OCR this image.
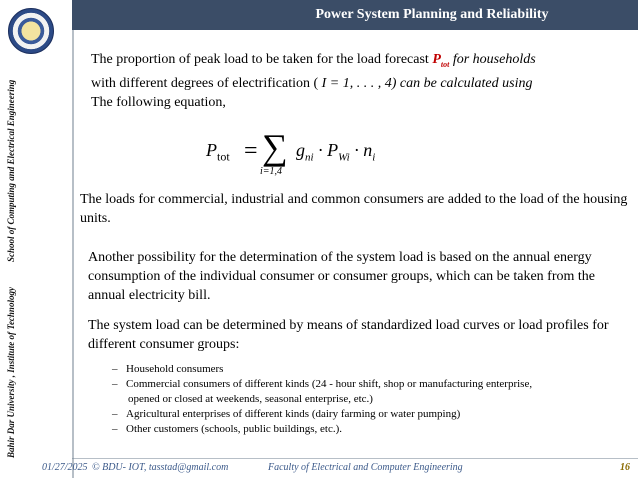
School of Computing and Electrical Engineering
Bahir Dar University , Institute of Technology
Power System Planning and Reliability
The proportion of peak load to be taken for the load forecast $P_{tot}$ for households
with different degrees of electrification ( I = 1, . . . , 4) can be calculated using
The following equation,
$P_{tot}$ = ∑
i=1,4
$g_{ni} \cdot P_{Wi} \cdot n_i$
The loads for commercial, industrial and common consumers are added to the load of the housing units.
Another possibility for the determination of the system load is based on the annual energy consumption of the individual consumer or consumer groups, which can be taken from the annual electricity bill.
The system load can be determined by means of standardized load curves or load profiles for different consumer groups:
– Household consumers
– Commercial consumers of different kinds (24 - hour shift, shop or manufacturing enterprise,
opened or closed at weekends, seasonal enterprise, etc.)
– Agricultural enterprises of different kinds (dairy farming or water pumping)
– Other customers (schools, public buildings, etc.).
01/27/2025 © BDU- IOT, tasstad@gmail.com	Faculty of Electrical and Computer Engineering	16
